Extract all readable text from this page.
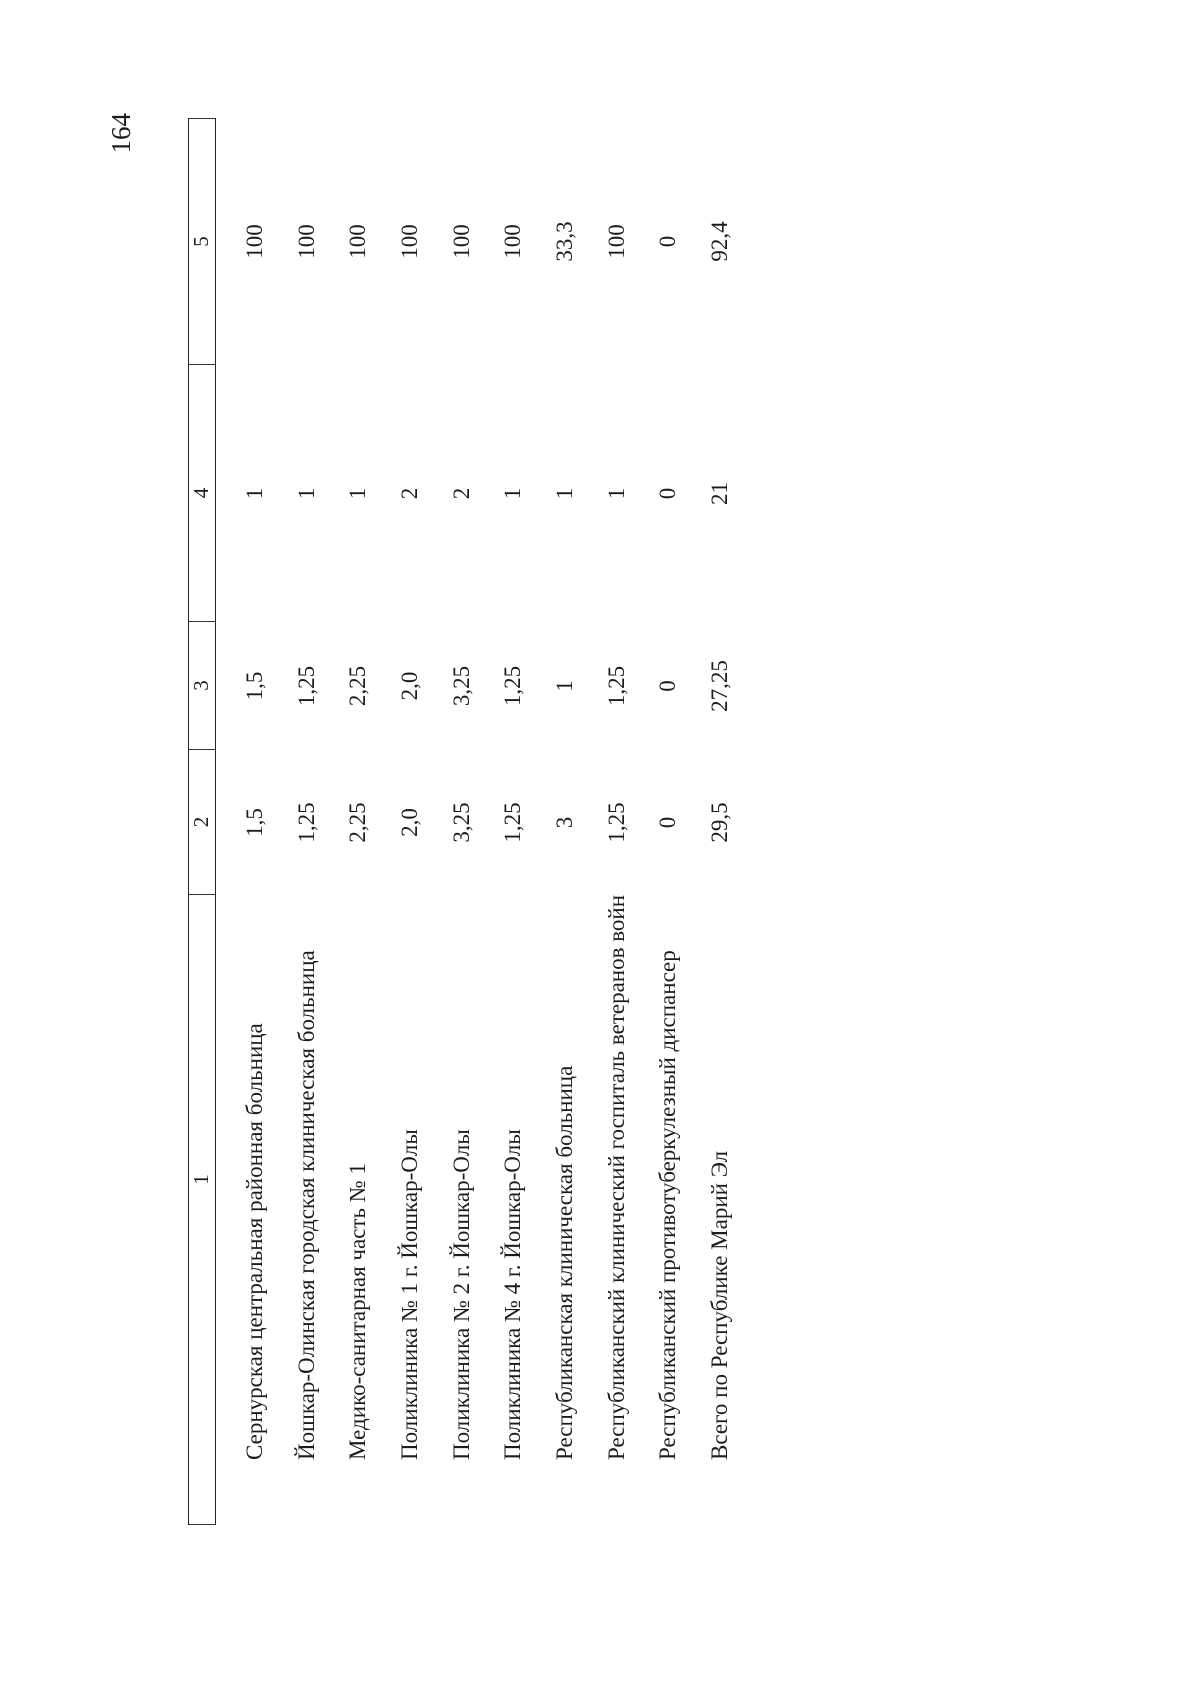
164
1
2
3
4
5
Сернурская центральная районная больница
1,5
1,5
1
100
Йошкар-Олинская городская клиническая больница
1,25
1,25
1
100
Медико-санитарная часть № 1
2,25
2,25
1
100
Поликлиника № 1 г. Йошкар-Олы
2,0
2,0
2
100
Поликлиника № 2 г. Йошкар-Олы
3,25
3,25
2
100
Поликлиника № 4 г. Йошкар-Олы
1,25
1,25
1
100
Республиканская клиническая больница
3
1
1
33,3
Республиканский клинический госпиталь ветеранов войн
1,25
1,25
1
100
Республиканский противотуберкулезный диспансер
0
0
0
0
Всего по Республике Марий Эл
29,5
27,25
21
92,4
